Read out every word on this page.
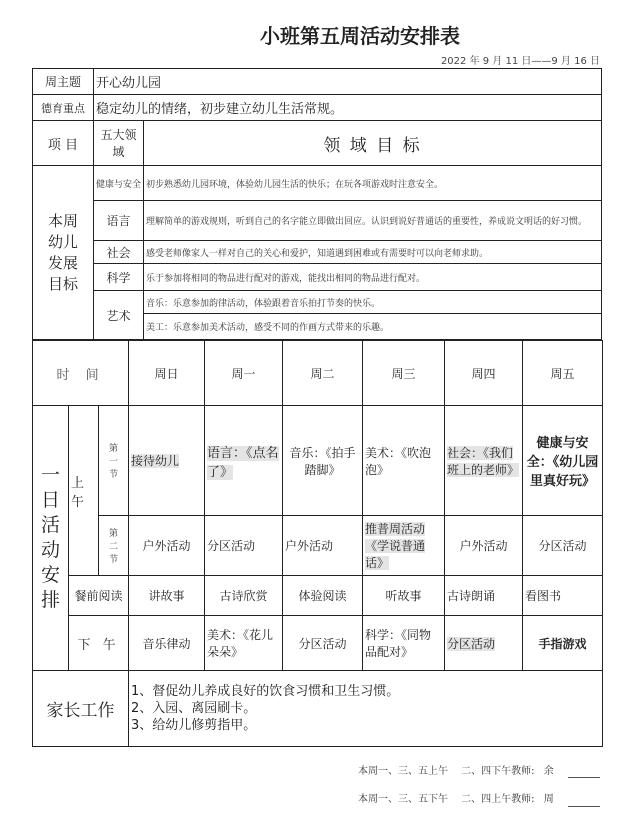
小班第五周活动安排表
2022 年 9 月 11 日——9 月 16 日
周主题	开心幼儿园	
德育重点	稳定幼儿的情绪，初步建立幼儿生活常规。	
项 目	五大领域	领 域 目 标
本周幼儿发展目标	健康与安全	初步熟悉幼儿园环境，体验幼儿园生活的快乐；在玩各项游戏时注意安全。
	语言	理解简单的游戏规则，听到自己的名字能立即做出回应。认识到说好普通话的重要性，养成说文明话的好习惯。
	社会	感受老师像家人一样对自己的关心和爱护，知道遇到困难或有需要时可以向老师求助。
	科学	乐于参加将相同的物品进行配对的游戏，能找出相同的物品进行配对。
	艺术	音乐：乐意参加韵律活动，体验跟着音乐拍打节奏的快乐。
		美工：乐意参加美术活动，感受不同的作画方式带来的乐趣。
时 间			周日	周一	周二	周三	周四	周五
一日活动安排	上午	第一节	接待幼儿	语言：《点名了》	音乐：《拍手踏脚》	美术：《吹泡泡》	社会：《我们班上的老师》	健康与安全：《幼儿园里真好玩》
		第二节	户外活动	分区活动	户外活动	推普周活动《学说普通话》	户外活动	分区活动
	餐前阅读		讲故事	古诗欣赏	体验阅读	听故事	古诗朗诵	看图书
	下 午		音乐律动	美术：《花儿朵朵》	分区活动	科学：《同物品配对》	分区活动	手指游戏
家长工作			1、督促幼儿养成良好的饮食习惯和卫生习惯。
2、入园、离园刷卡。
3、给幼儿修剪指甲。					
本周一、三、五上午　 二、四下午教师: 余
本周一、三、五下午　 二、四上午教师: 周
